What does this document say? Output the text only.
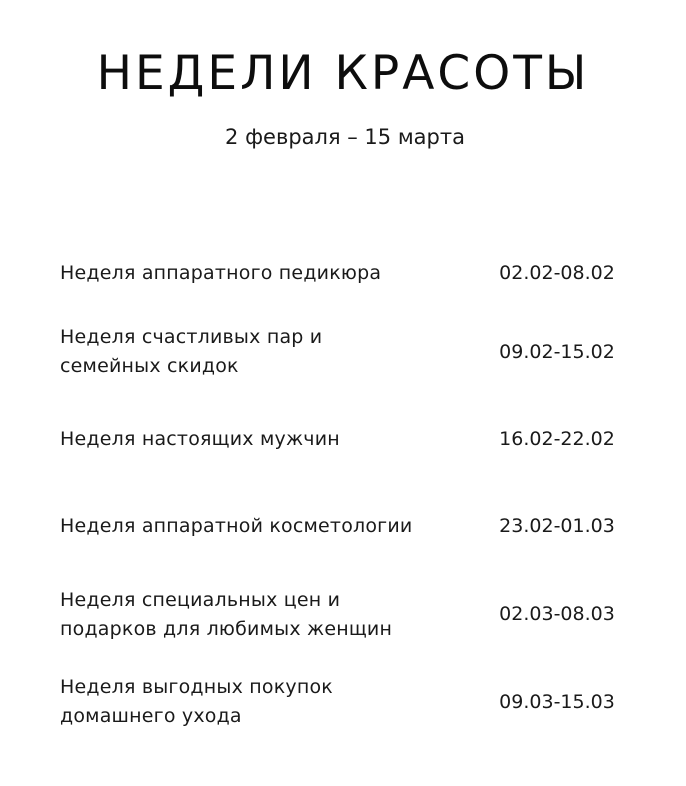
НЕДЕЛИ КРАСОТЫ
2 февраля – 15 марта
Неделя аппаратного педикюра	02.02-08.02
Неделя счастливых пар и
семейных скидок
09.02-15.02
Неделя настоящих мужчин	16.02-22.02
Неделя аппаратной косметологии	23.02-01.03
Неделя специальных цен и
подарков для любимых женщин
02.03-08.03
Неделя выгодных покупок
домашнего ухода
09.03-15.03
